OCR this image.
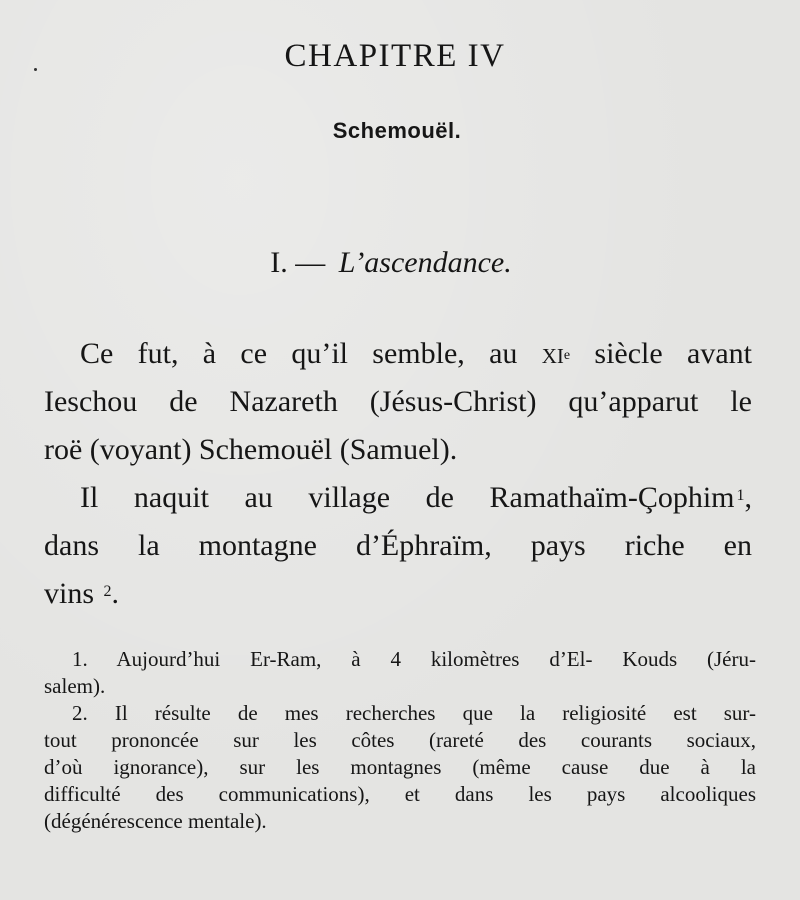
CHAPITRE IV
Schemouël.
I. — L’ascendance.
Ce fut, à ce qu’il semble, au $xi^e$ siècle avant
Ieschou de Nazareth (Jésus-Christ) qu’apparut le
roë (voyant) Schemouël (Samuel).
Il naquit au village de Ramathaïm-Çophim $^1$,
dans la montagne d’Éphraïm, pays riche en
vins $^2$.
1. Aujourd’hui Er-Ram, à 4 kilomètres d’El- Kouds (Jéru-
salem).
2. Il résulte de mes recherches que la religiosité est sur-
tout prononcée sur les côtes (rareté des courants sociaux,
d’où ignorance), sur les montagnes (même cause due à la
difficulté des communications), et dans les pays alcooliques
(dégénérescence mentale).
